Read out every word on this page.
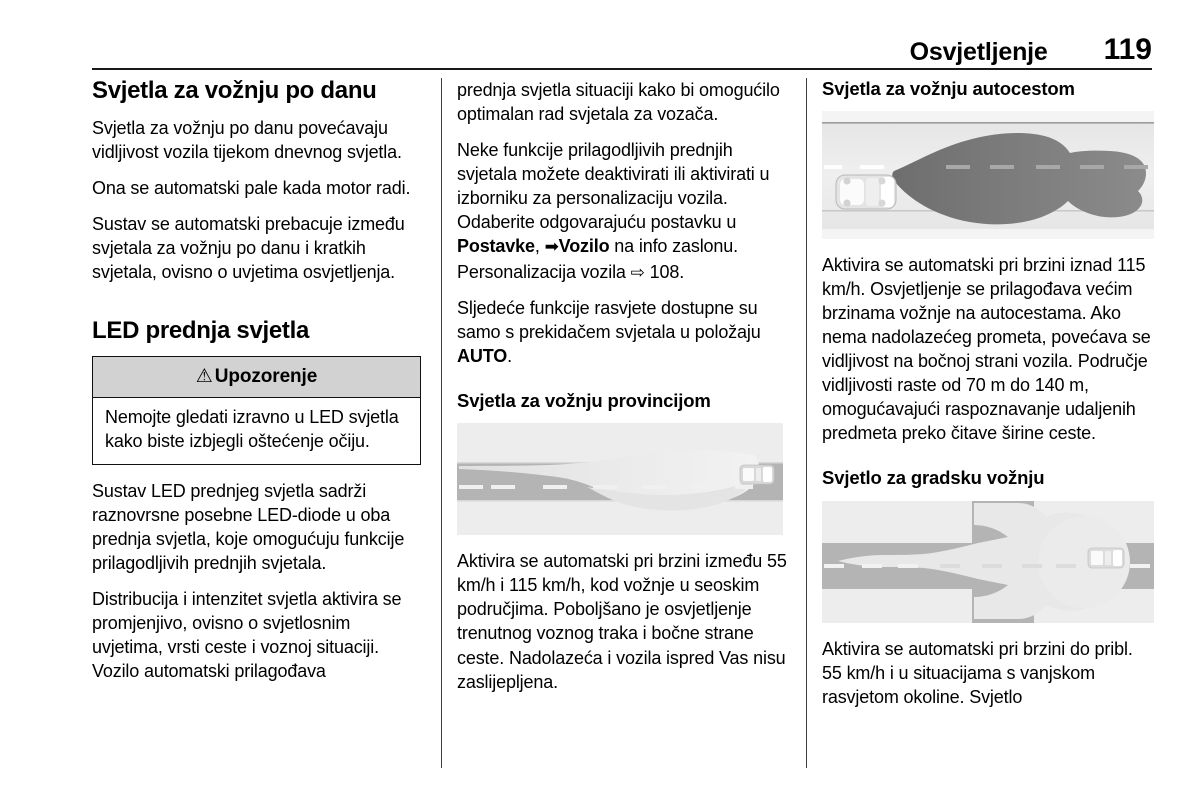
Osvjetljenje 119
Svjetla za vožnju po danu

Svjetla za vožnju po danu povećavaju vidljivost vozila tijekom dnevnog svjetla.

Ona se automatski pale kada motor radi.

Sustav se automatski prebacuje između svjetala za vožnju po danu i kratkih svjetala, ovisno o uvjetima osvjetljenja.

LED prednja svjetla
⚠ Upozorenje
Nemojte gledati izravno u LED svjetla kako biste izbjegli oštećenje očiju.

Sustav LED prednjeg svjetla sadrži raznovrsne posebne LED-diode u oba prednja svjetla, koje omogućuju funkcije prilagodljivih prednjih svjetala.

Distribucija i intenzitet svjetla aktivira se promjenjivo, ovisno o svjetlosnim uvjetima, vrsti ceste i voznoj situaciji. Vozilo automatski prilagođava

prednja svjetla situaciji kako bi omogućilo optimalan rad svjetala za vozača.

Neke funkcije prilagodljivih prednjih svjetala možete deaktivirati ili aktivirati u izborniku za personalizaciju vozila. Odaberite odgovarajuću postavku u Postavke, ➡Vozilo na info zaslonu.

Personalizacija vozila ⇨ 108.

Sljedeće funkcije rasvjete dostupne su samo s prekidačem svjetala u položaju AUTO.

Svjetla za vožnju provincijom

Aktivira se automatski pri brzini između 55 km/h i 115 km/h, kod vožnje u seoskim područjima. Poboljšano je osvjetljenje trenutnog voznog traka i bočne strane ceste. Nadolazeća i vozila ispred Vas nisu zaslijepljena.

Svjetla za vožnju autocestom

Aktivira se automatski pri brzini iznad 115 km/h. Osvjetljenje se prilagođava većim brzinama vožnje na autocestama. Ako nema nadolazećeg prometa, povećava se vidljivost na bočnoj strani vozila. Područje vidljivosti raste od 70 m do 140 m, omogućavajući raspoznavanje udaljenih predmeta preko čitave širine ceste.

Svjetlo za gradsku vožnju

Aktivira se automatski pri brzini do pribl. 55 km/h i u situacijama s vanjskom rasvjetom okoline. Svjetlo
